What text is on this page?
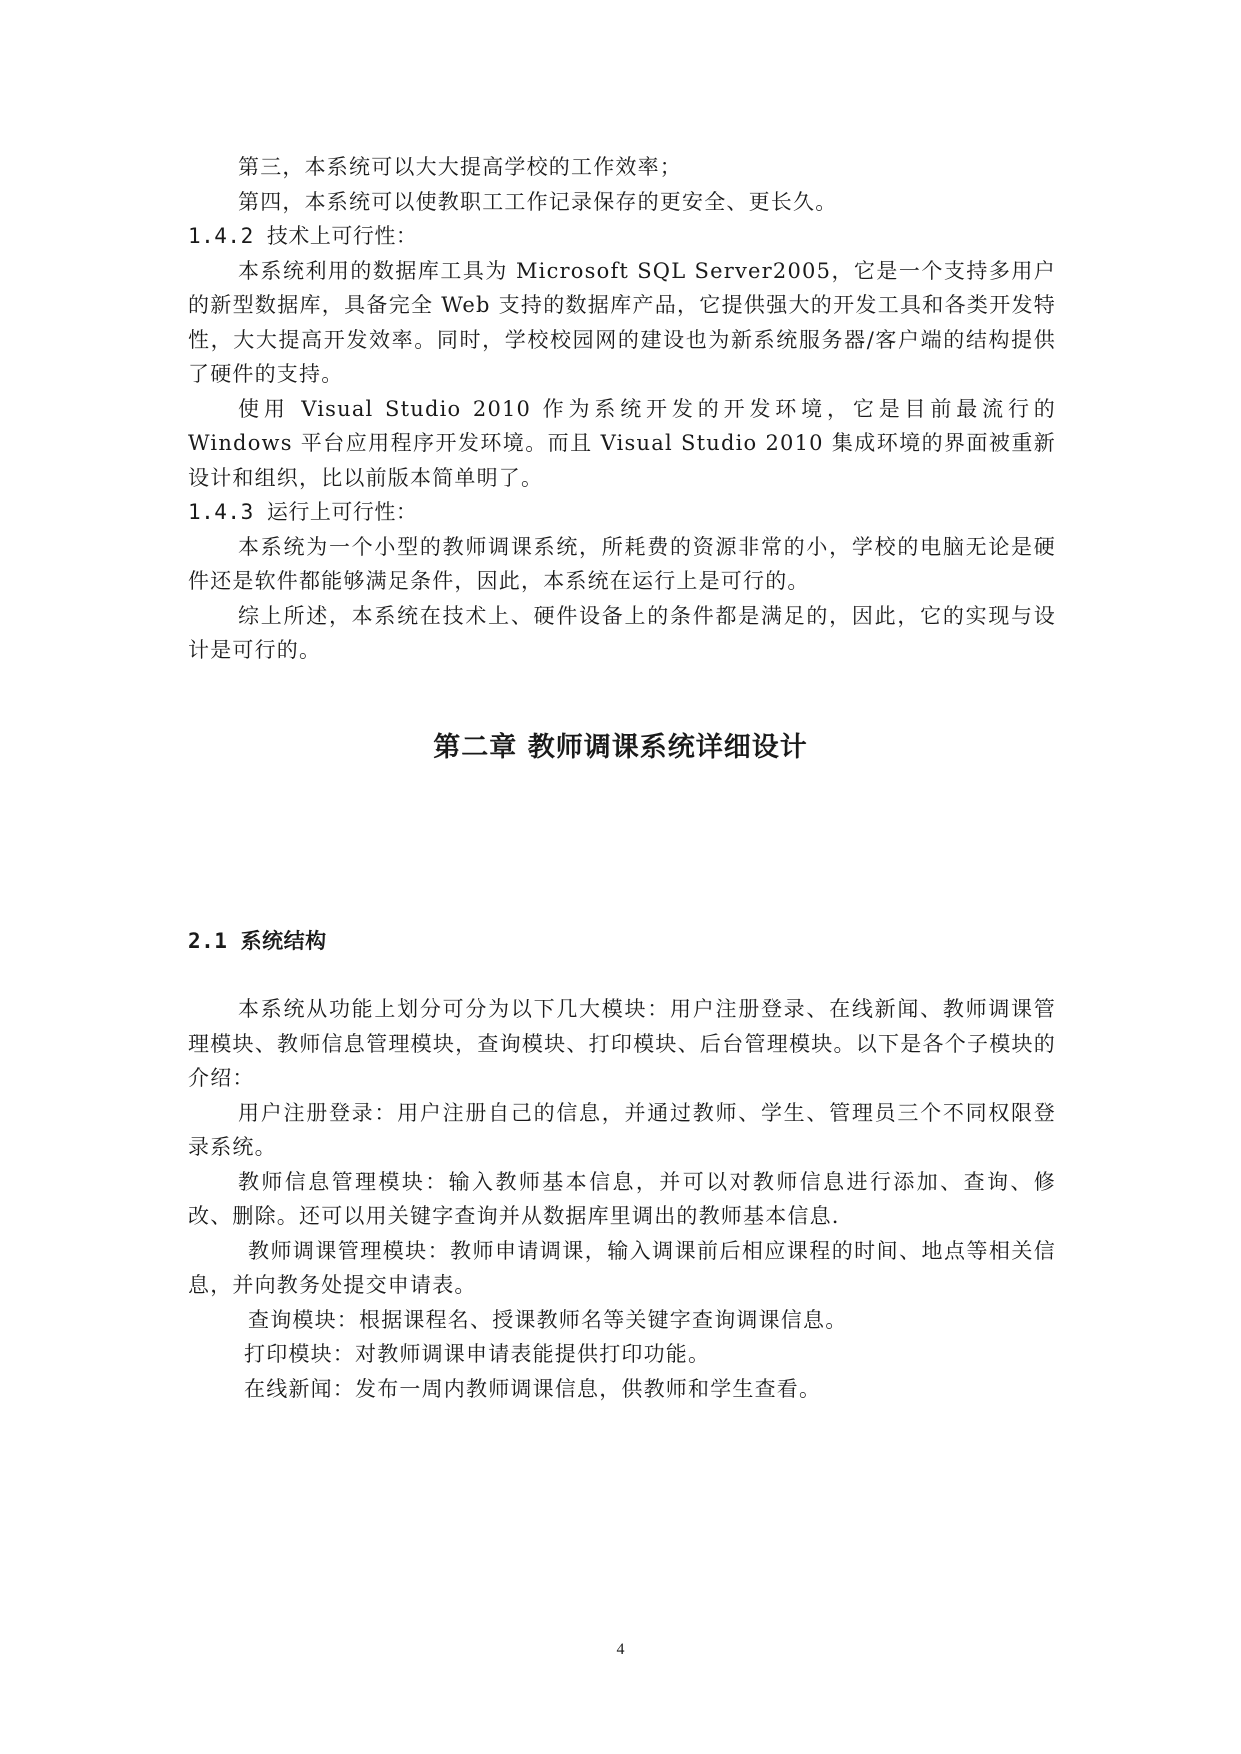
第三，本系统可以大大提高学校的工作效率；

第四，本系统可以使教职工工作记录保存的更安全、更长久。

1.4.2 技术上可行性：

本系统利用的数据库工具为 Microsoft SQL Server2005，它是一个支持多用户的新型数据库，具备完全 Web 支持的数据库产品，它提供强大的开发工具和各类开发特性，大大提高开发效率。同时，学校校园网的建设也为新系统服务器/客户端的结构提供了硬件的支持。

使用 Visual Studio 2010 作为系统开发的开发环境，它是目前最流行的 Windows 平台应用程序开发环境。而且 Visual Studio 2010 集成环境的界面被重新设计和组织，比以前版本简单明了。

1.4.3 运行上可行性：

本系统为一个小型的教师调课系统，所耗费的资源非常的小，学校的电脑无论是硬件还是软件都能够满足条件，因此，本系统在运行上是可行的。

综上所述，本系统在技术上、硬件设备上的条件都是满足的，因此，它的实现与设计是可行的。

第二章 教师调课系统详细设计
2.1 系统结构

本系统从功能上划分可分为以下几大模块：用户注册登录、在线新闻、教师调课管理模块、教师信息管理模块，查询模块、打印模块、后台管理模块。以下是各个子模块的介绍：

用户注册登录：用户注册自己的信息，并通过教师、学生、管理员三个不同权限登录系统。

教师信息管理模块：输入教师基本信息，并可以对教师信息进行添加、查询、修改、删除。还可以用关键字查询并从数据库里调出的教师基本信息.

教师调课管理模块：教师申请调课，输入调课前后相应课程的时间、地点等相关信息，并向教务处提交申请表。

查询模块：根据课程名、授课教师名等关键字查询调课信息。

打印模块：对教师调课申请表能提供打印功能。

在线新闻：发布一周内教师调课信息，供教师和学生查看。

4
